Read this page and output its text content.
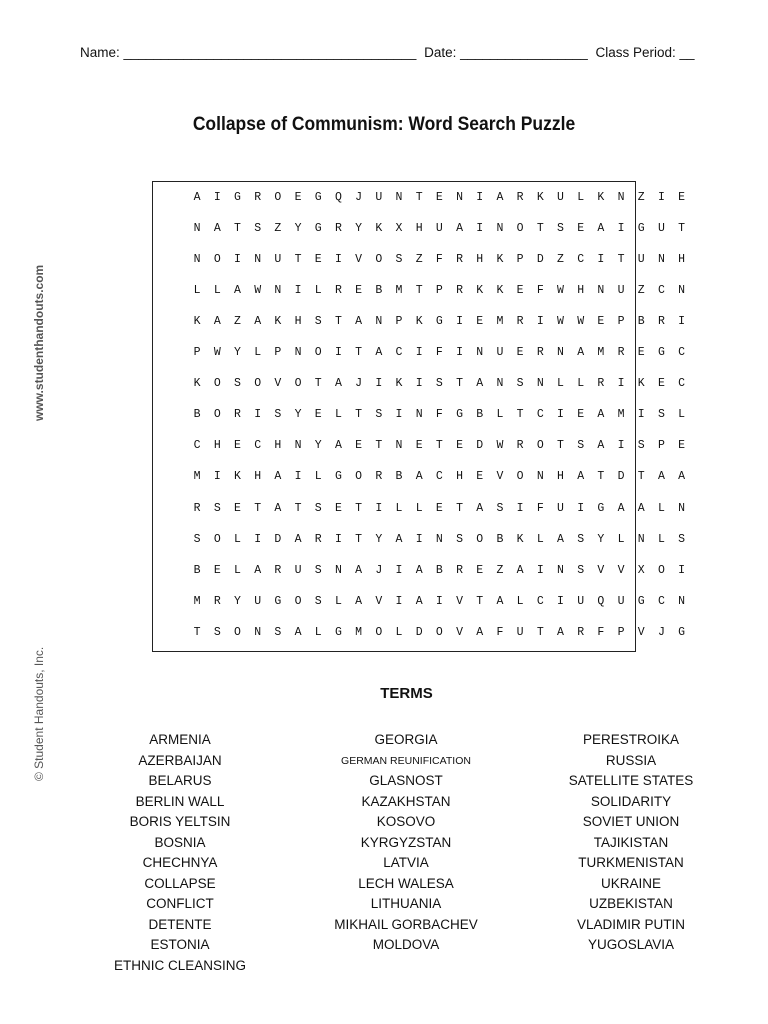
Name: _______________________________________ Date: _________________ Class Period: __
Collapse of Communism: Word Search Puzzle
www.studenthandouts.com
© Student Handouts, Inc.
A	I	G	R	O	E	G	Q	J	U	N	T	E	N	I	A	R	K	U	L	K	N	Z	I	E
N	A	T	S	Z	Y	G	R	Y	K	X	H	U	A	I	N	O	T	S	E	A	I	G	U	T
N	O	I	N	U	T	E	I	V	O	S	Z	F	R	H	K	P	D	Z	C	I	T	U	N	H
L	L	A	W	N	I	L	R	E	B	M	T	P	R	K	K	E	F	W	H	N	U	Z	C	N
K	A	Z	A	K	H	S	T	A	N	P	K	G	I	E	M	R	I	W	W	E	P	B	R	I
P	W	Y	L	P	N	O	I	T	A	C	I	F	I	N	U	E	R	N	A	M	R	E	G	C
K	O	S	O	V	O	T	A	J	I	K	I	S	T	A	N	S	N	L	L	R	I	K	E	C
B	O	R	I	S	Y	E	L	T	S	I	N	F	G	B	L	T	C	I	E	A	M	I	S	L
C	H	E	C	H	N	Y	A	E	T	N	E	T	E	D	W	R	O	T	S	A	I	S	P	E
M	I	K	H	A	I	L	G	O	R	B	A	C	H	E	V	O	N	H	A	T	D	T	A	A
R	S	E	T	A	T	S	E	T	I	L	L	E	T	A	S	I	F	U	I	G	A	A	L	N
S	O	L	I	D	A	R	I	T	Y	A	I	N	S	O	B	K	L	A	S	Y	L	N	L	S
B	E	L	A	R	U	S	N	A	J	I	A	B	R	E	Z	A	I	N	S	V	V	X	O	I
M	R	Y	U	G	O	S	L	A	V	I	A	I	V	T	A	L	C	I	U	Q	U	G	C	N
T	S	O	N	S	A	L	G	M	O	L	D	O	V	A	F	U	T	A	R	F	P	V	J	G
TERMS
ARMENIA
AZERBAIJAN
BELARUS
BERLIN WALL
BORIS YELTSIN
BOSNIA
CHECHNYA
COLLAPSE
CONFLICT
DETENTE
ESTONIA
ETHNIC CLEANSING
GEORGIA
GERMAN REUNIFICATION
GLASNOST
KAZAKHSTAN
KOSOVO
KYRGYZSTAN
LATVIA
LECH WALESA
LITHUANIA
MIKHAIL GORBACHEV
MOLDOVA
PERESTROIKA
RUSSIA
SATELLITE STATES
SOLIDARITY
SOVIET UNION
TAJIKISTAN
TURKMENISTAN
UKRAINE
UZBEKISTAN
VLADIMIR PUTIN
YUGOSLAVIA
